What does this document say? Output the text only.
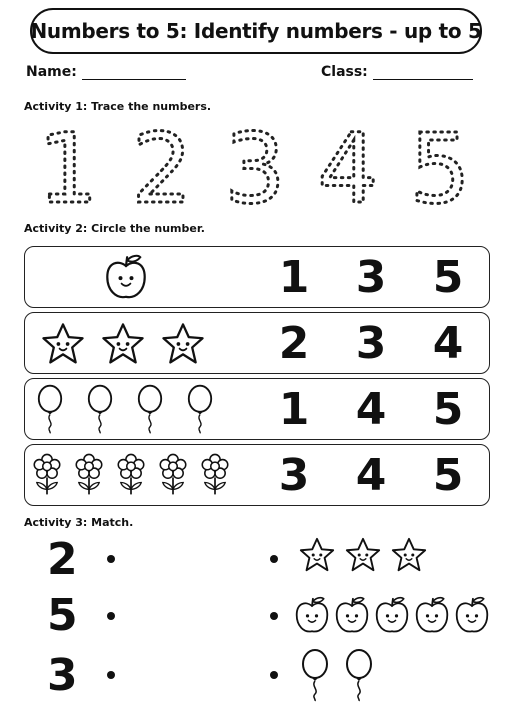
Numbers to 5: Identify numbers - up to 5
Name:	Class:
Activity 1: Trace the numbers.
1 2 3 4 5
Activity 2: Circle the number.
1 3 5
2 3 4
1 4 5
3 4 5
Activity 3: Match.
2
5
3
